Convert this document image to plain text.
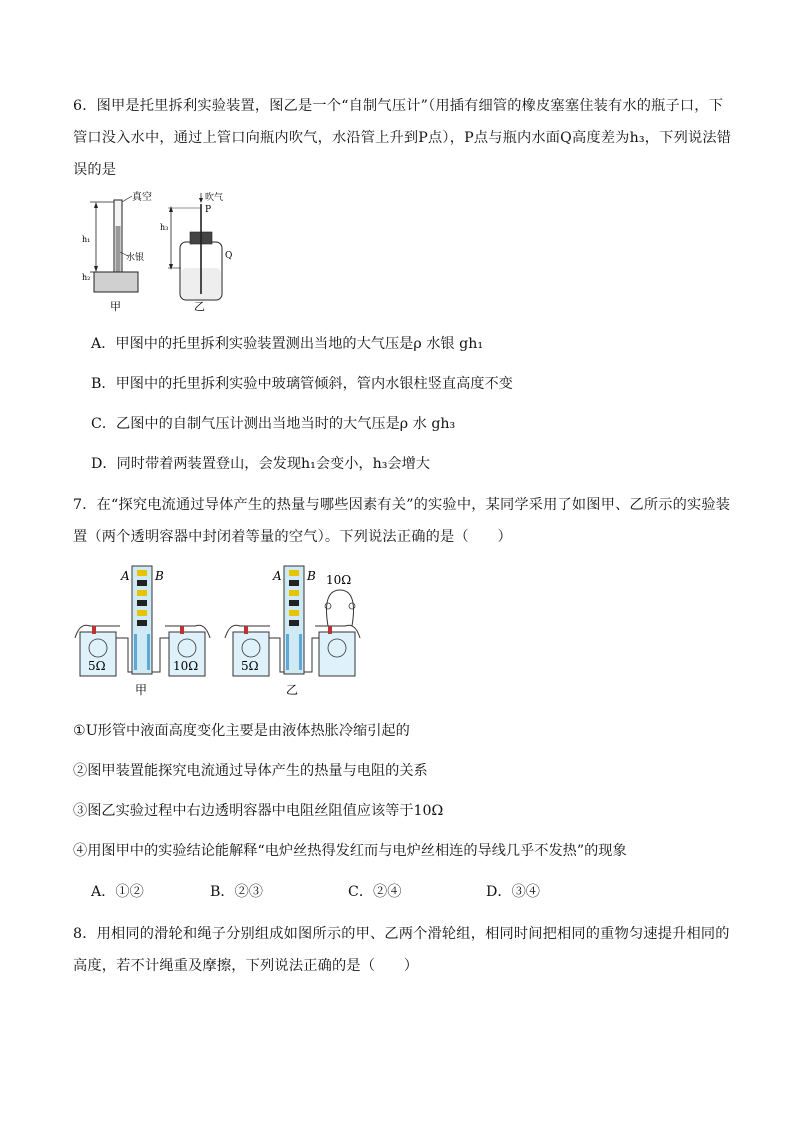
6．图甲是托里拆利实验装置，图乙是一个“自制气压计”（用插有细管的橡皮塞塞住装有水的瓶子口，下管口没入水中，通过上管口向瓶内吹气，水沿管上升到P点），P点与瓶内水面Q高度差为h₃，下列说法错误的是
真空
水银
h₁
h₂
甲
吹气
P
h₃
Q
乙
A．甲图中的托里拆利实验装置测出当地的大气压是ρ 水银 gh₁
B．甲图中的托里拆利实验中玻璃管倾斜，管内水银柱竖直高度不变
C．乙图中的自制气压计测出当地当时的大气压是ρ 水 gh₃
D．同时带着两装置登山，会发现h₁会变小，h₃会增大
7．在“探究电流通过导体产生的热量与哪些因素有关”的实验中，某同学采用了如图甲、乙所示的实验装置（两个透明容器中封闭着等量的空气）。下列说法正确的是（　　）
A B
5Ω	10Ω
甲
A B 10Ω
5Ω
乙
①U形管中液面高度变化主要是由液体热胀冷缩引起的
②图甲装置能探究电流通过导体产生的热量与电阻的关系
③图乙实验过程中右边透明容器中电阻丝阻值应该等于10Ω
④用图甲中的实验结论能解释“电炉丝热得发红而与电炉丝相连的导线几乎不发热”的现象
A．①②	B．②③	C．②④	D．③④
8．用相同的滑轮和绳子分别组成如图所示的甲、乙两个滑轮组，相同时间把相同的重物匀速提升相同的高度，若不计绳重及摩擦，下列说法正确的是（　　）
